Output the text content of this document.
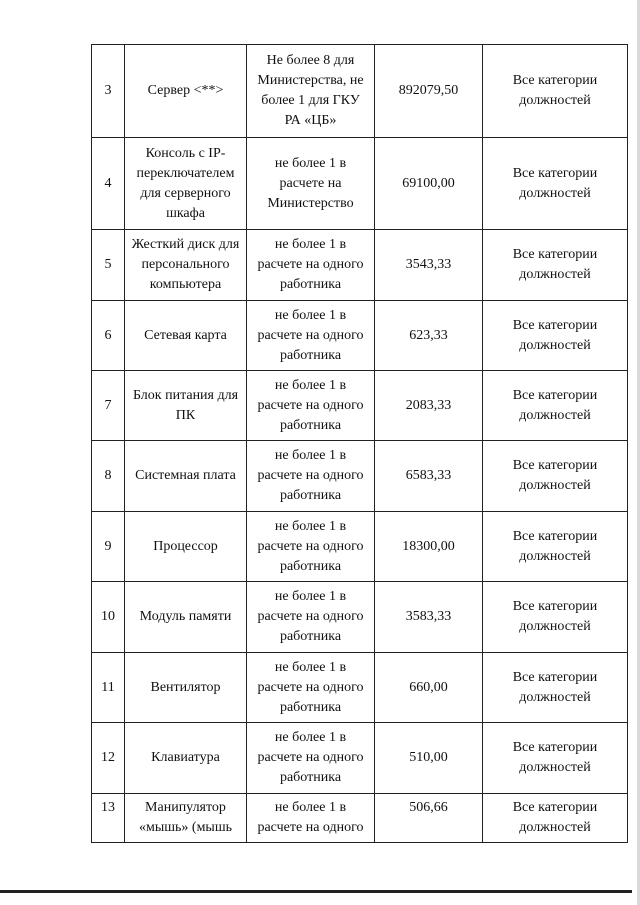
3	Сервер <**>	Не более 8 для
Министерства, не
более 1 для ГКУ
РА «ЦБ»	892079,50	Все категории
должностей
4	Консоль с IP-
переключателем
для серверного
шкафа	не более 1 в
расчете на
Министерство	69100,00	Все категории
должностей
5	Жесткий диск для
персонального
компьютера	не более 1 в
расчете на одного
работника	3543,33	Все категории
должностей
6	Сетевая карта	не более 1 в
расчете на одного
работника	623,33	Все категории
должностей
7	Блок питания для
ПК	не более 1 в
расчете на одного
работника	2083,33	Все категории
должностей
8	Системная плата	не более 1 в
расчете на одного
работника	6583,33	Все категории
должностей
9	Процессор	не более 1 в
расчете на одного
работника	18300,00	Все категории
должностей
10	Модуль памяти	не более 1 в
расчете на одного
работника	3583,33	Все категории
должностей
11	Вентилятор	не более 1 в
расчете на одного
работника	660,00	Все категории
должностей
12	Клавиатура	не более 1 в
расчете на одного
работника	510,00	Все категории
должностей
13	Манипулятор
«мышь» (мышь	не более 1 в
расчете на одного	506,66	Все категории
должностей
